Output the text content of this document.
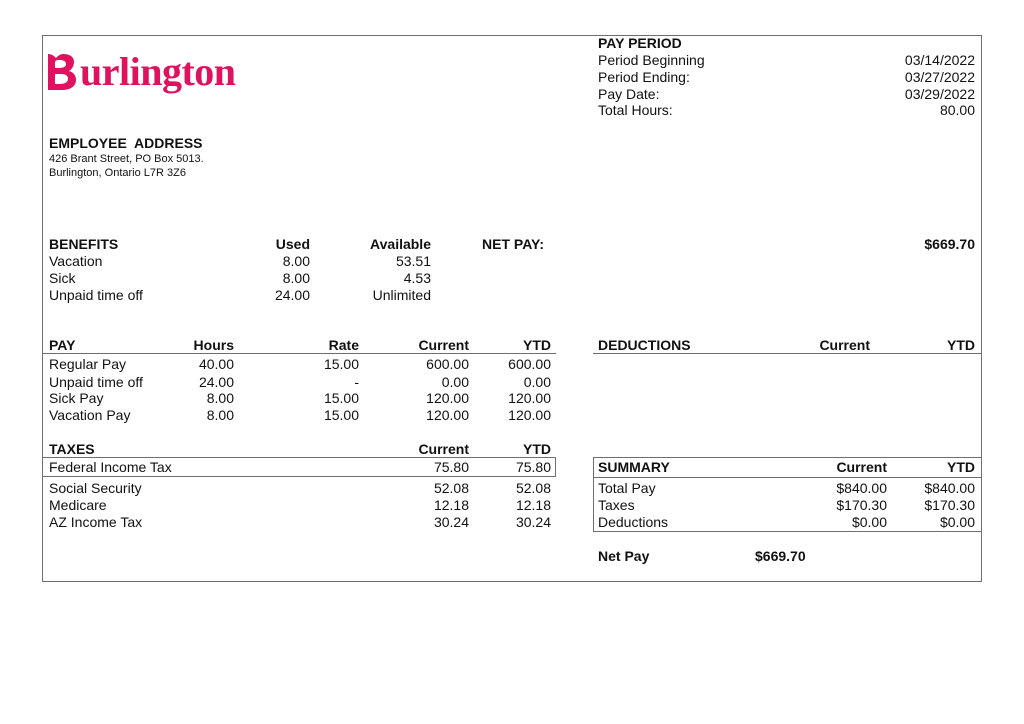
urlington
PAY PERIOD
Period Beginning	03/14/2022
Period Ending:	03/27/2022
Pay Date:	03/29/2022
Total Hours:	80.00
EMPLOYEE  ADDRESS
426 Brant Street, PO Box 5013.
Burlington, Ontario L7R 3Z6
BENEFITS	Used	Available
Vacation	8.00	53.51
Sick	8.00	4.53
Unpaid time off	24.00	Unlimited
NET PAY:	$669.70
PAY	Hours	Rate	Current	YTD
Regular Pay	40.00	15.00	600.00	600.00
Unpaid time off	24.00	-	0.00	0.00
Sick Pay	8.00	15.00	120.00	120.00
Vacation Pay	8.00	15.00	120.00	120.00
DEDUCTIONS	Current	YTD
TAXES	Current	YTD
Federal Income Tax	75.80	75.80
Social Security	52.08	52.08
Medicare	12.18	12.18
AZ Income Tax	30.24	30.24
SUMMARY	Current	YTD
Total Pay	$840.00	$840.00
Taxes	$170.30	$170.30
Deductions	$0.00	$0.00
Net Pay	$669.70
